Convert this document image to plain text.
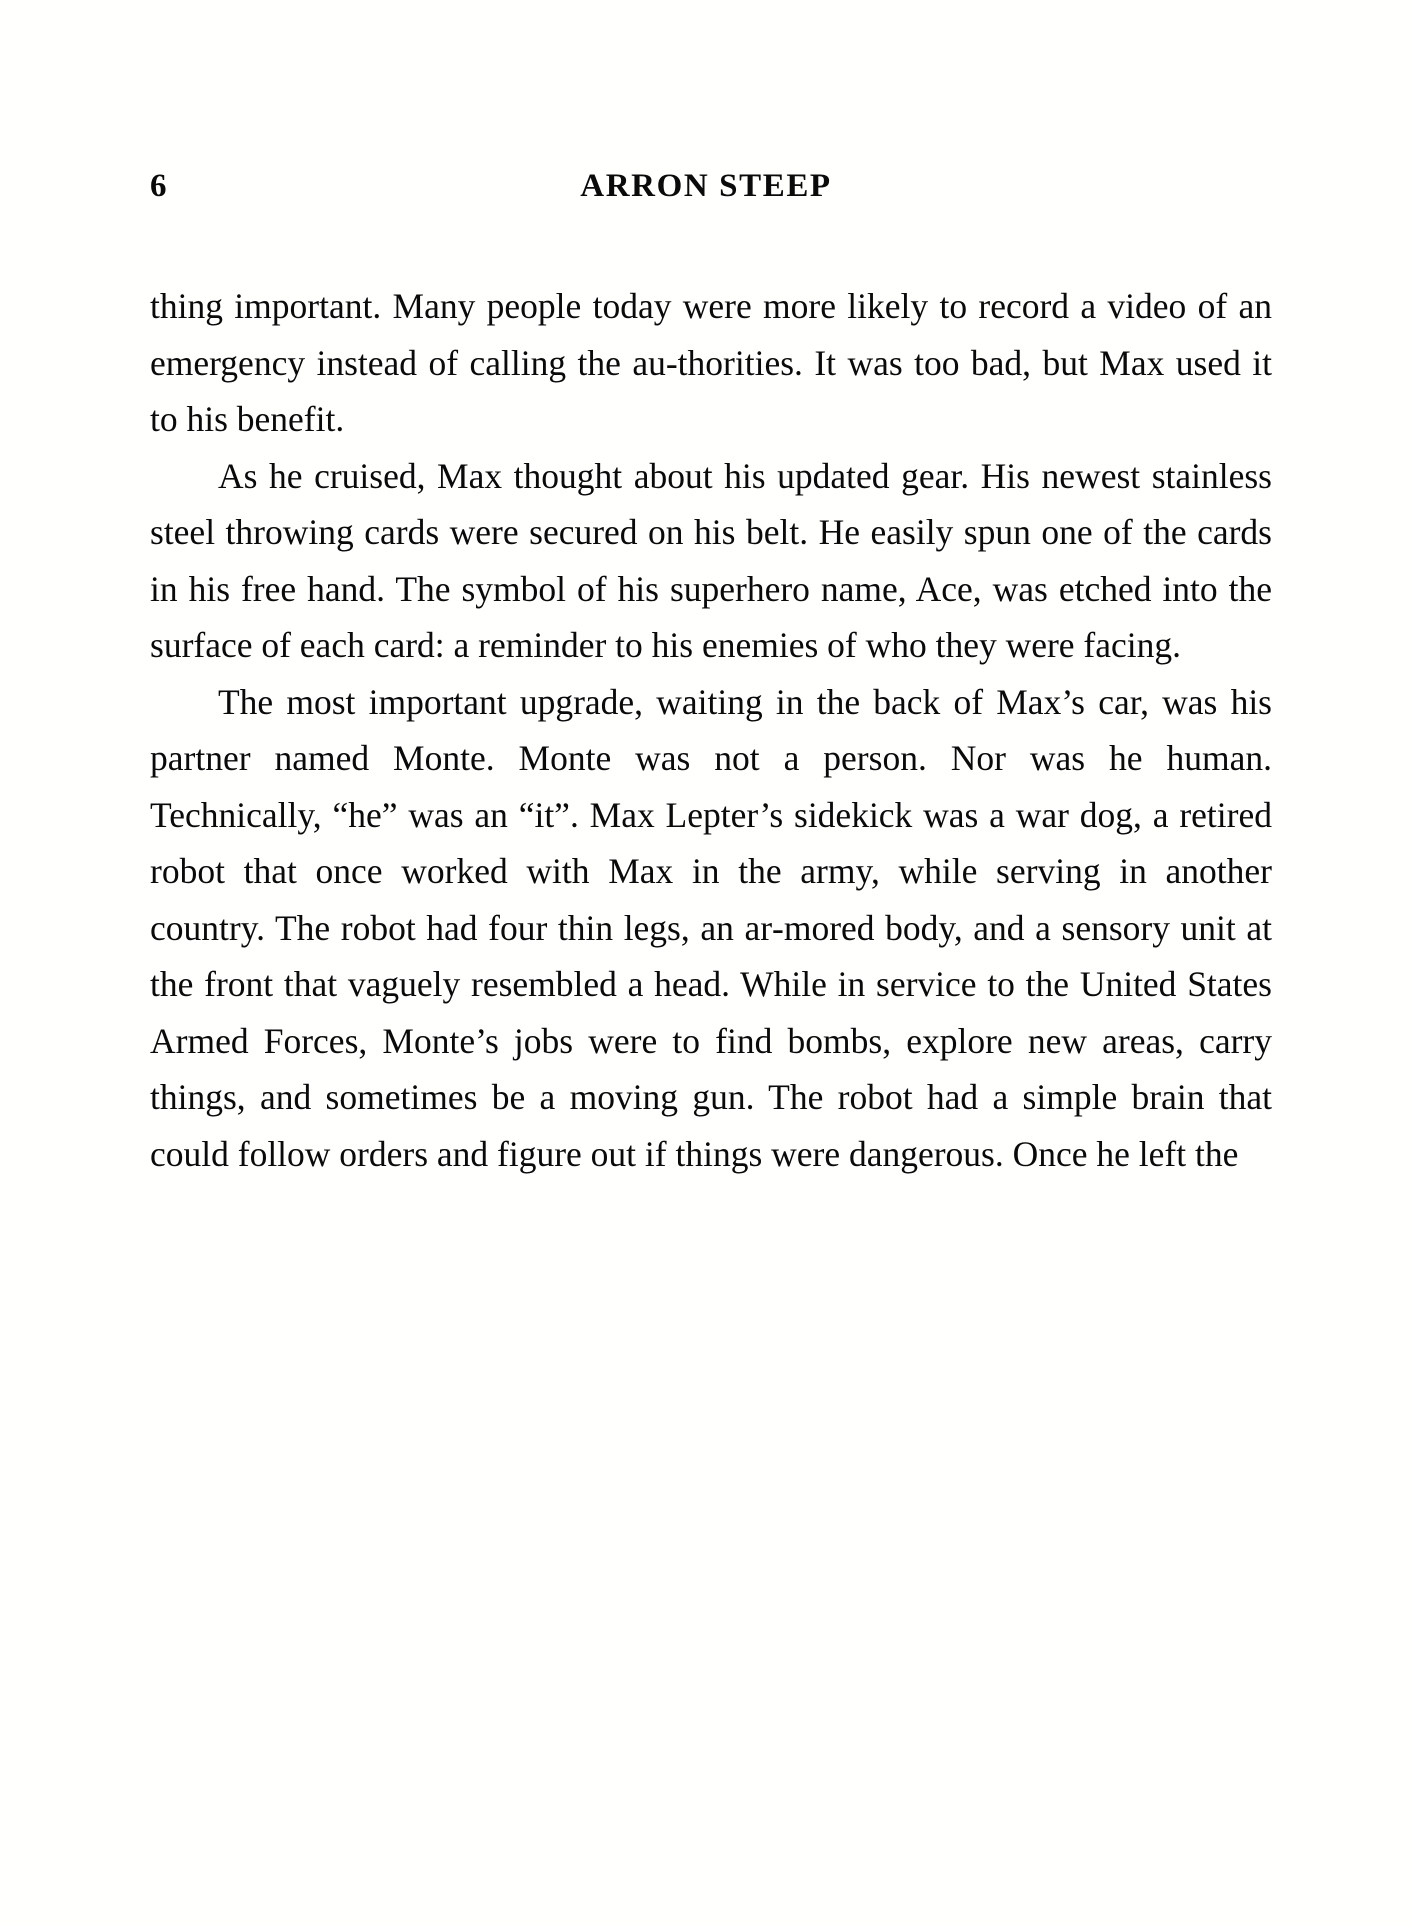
6	ARRON STEEP

thing important. Many people today were more likely to record a video of an emergency instead of calling the au‑thorities. It was too bad, but Max used it to his benefit.

As he cruised, Max thought about his updated gear. His newest stainless steel throwing cards were secured on his belt. He easily spun one of the cards in his free hand. The symbol of his superhero name, Ace, was etched into the surface of each card: a reminder to his enemies of who they were facing.

The most important upgrade, waiting in the back of Max’s car, was his partner named Monte. Monte was not a person. Nor was he human. Technically, “he” was an “it”. Max Lepter’s sidekick was a war dog, a retired robot that once worked with Max in the army, while serving in another country. The robot had four thin legs, an ar‑mored body, and a sensory unit at the front that vaguely resembled a head. While in service to the United States Armed Forces, Monte’s jobs were to find bombs, explore new areas, carry things, and sometimes be a moving gun. The robot had a simple brain that could follow orders and figure out if things were dangerous. Once he left the
